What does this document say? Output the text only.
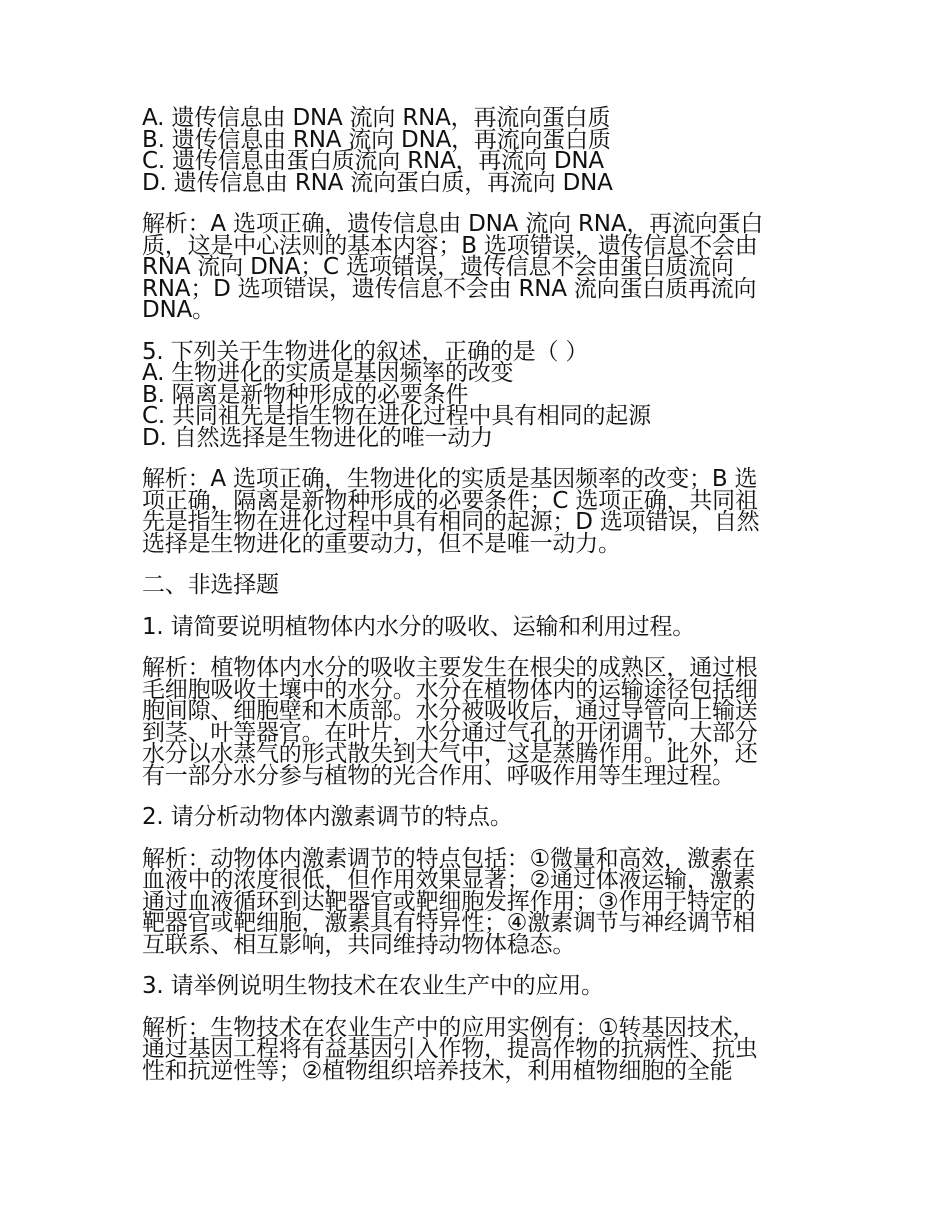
A. 遗传信息由 DNA 流向 RNA，再流向蛋白质
B. 遗传信息由 RNA 流向 DNA，再流向蛋白质
C. 遗传信息由蛋白质流向 RNA，再流向 DNA
D. 遗传信息由 RNA 流向蛋白质，再流向 DNA
解析：A 选项正确，遗传信息由 DNA 流向 RNA，再流向蛋白
质，这是中心法则的基本内容；B 选项错误，遗传信息不会由
RNA 流向 DNA；C 选项错误，遗传信息不会由蛋白质流向
RNA；D 选项错误，遗传信息不会由 RNA 流向蛋白质再流向
DNA。
5. 下列关于生物进化的叙述，正确的是（ ）
A. 生物进化的实质是基因频率的改变
B. 隔离是新物种形成的必要条件
C. 共同祖先是指生物在进化过程中具有相同的起源
D. 自然选择是生物进化的唯一动力
解析：A 选项正确，生物进化的实质是基因频率的改变；B 选
项正确，隔离是新物种形成的必要条件；C 选项正确，共同祖
先是指生物在进化过程中具有相同的起源；D 选项错误，自然
选择是生物进化的重要动力，但不是唯一动力。
二、非选择题
1. 请简要说明植物体内水分的吸收、运输和利用过程。
解析：植物体内水分的吸收主要发生在根尖的成熟区，通过根
毛细胞吸收土壤中的水分。水分在植物体内的运输途径包括细
胞间隙、细胞壁和木质部。水分被吸收后，通过导管向上输送
到茎、叶等器官。在叶片，水分通过气孔的开闭调节，大部分
水分以水蒸气的形式散失到大气中，这是蒸腾作用。此外，还
有一部分水分参与植物的光合作用、呼吸作用等生理过程。
2. 请分析动物体内激素调节的特点。
解析：动物体内激素调节的特点包括：①微量和高效，激素在
血液中的浓度很低，但作用效果显著；②通过体液运输，激素
通过血液循环到达靶器官或靶细胞发挥作用；③作用于特定的
靶器官或靶细胞，激素具有特异性；④激素调节与神经调节相
互联系、相互影响，共同维持动物体稳态。
3. 请举例说明生物技术在农业生产中的应用。
解析：生物技术在农业生产中的应用实例有：①转基因技术，
通过基因工程将有益基因引入作物，提高作物的抗病性、抗虫
性和抗逆性等；②植物组织培养技术，利用植物细胞的全能
